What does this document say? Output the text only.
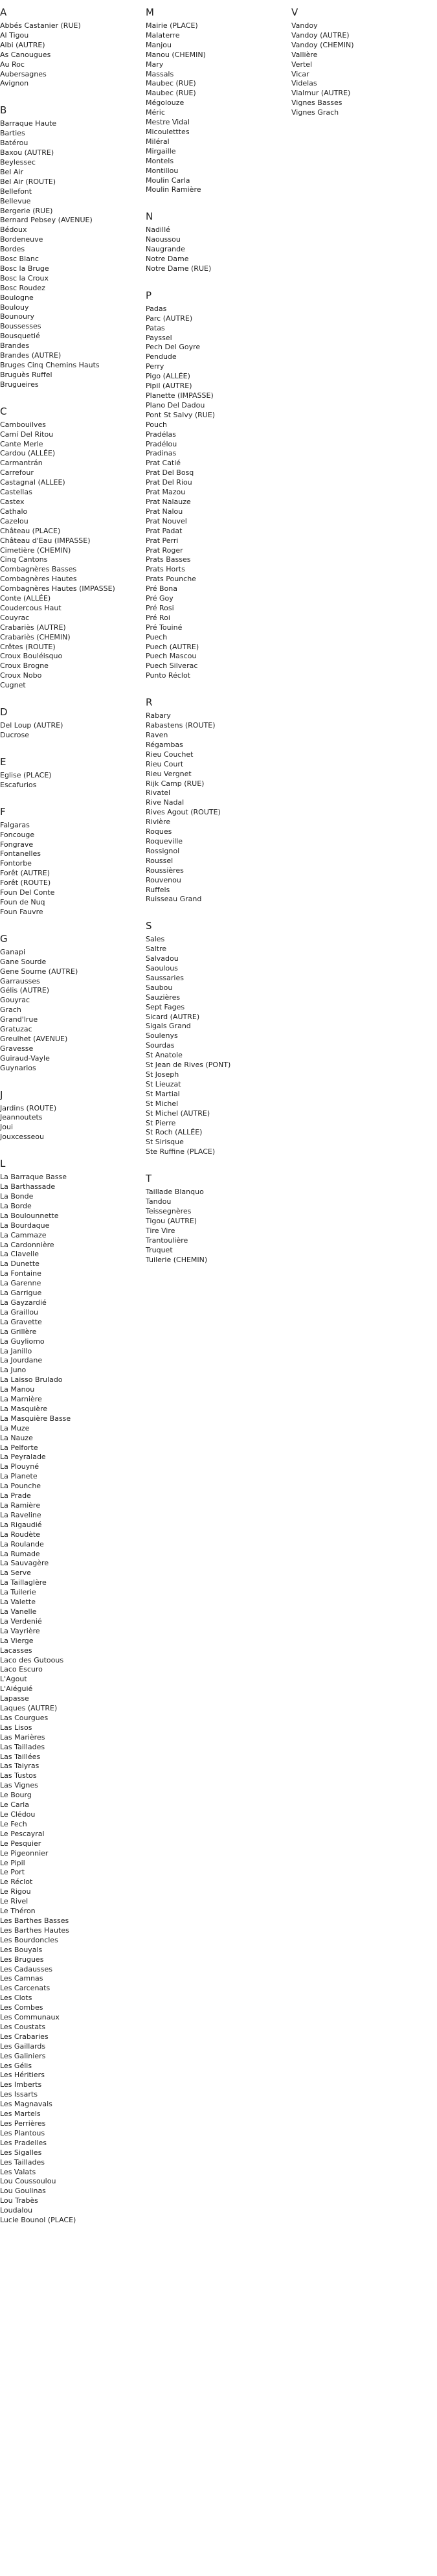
A
Abbés Castanier (RUE)
Al Tigou
Albi (AUTRE)
As Canougues
Au Roc
Aubersagnes
Avignon
B
Barraque Haute
Barties
Batérou
Baxou (AUTRE)
Beylessec
Bel Air
Bel Air (ROUTE)
Bellefont
Bellevue
Bergerie (RUE)
Bernard Pebsey (AVENUE)
Bédoux
Bordeneuve
Bordes
Bosc Blanc
Bosc la Bruge
Bosc la Croux
Bosc Roudez
Boulogne
Boulouy
Bounoury
Boussesses
Bousquetié
Brandes
Brandes (AUTRE)
Bruges Cinq Chemins Hauts
Bruguès Ruffel
Brugueires
C
Cambouilves
Camí Del Ritou
Cante Merle
Cardou (ALLÉE)
Carmantrán
Carrefour
Castagnal (ALLEE)
Castellas
Castex
Cathalo
Cazelou
Château (PLACE)
Château d'Eau (IMPASSE)
Cimetière (CHEMIN)
Cinq Cantons
Combagnères Basses
Combagnères Hautes
Combagnères Hautes (IMPASSE)
Conte (ALLÉE)
Coudercous Haut
Couyrac
Crabariès (AUTRE)
Crabariès (CHEMIN)
Crêtes (ROUTE)
Croux Bouléisquo
Croux Brogne
Croux Nobo
Cugnet
D
Del Loup (AUTRE)
Ducrose
E
Eglise (PLACE)
Escafurios
F
Falgaras
Foncouge
Fongrave
Fontanelles
Fontorbe
Forêt (AUTRE)
Forêt (ROUTE)
Foun Del Conte
Foun de Nuq
Foun Fauvre
G
Ganapi
Gane Sourde
Gene Sourne (AUTRE)
Garrausses
Gélis (AUTRE)
Gouyrac
Grach
Grand'lrue
Gratuzac
Greulhet (AVENUE)
Gravesse
Guiraud-Vayle
Guynarios
J
Jardins (ROUTE)
Jeannoutets
Joui
Jouxcesseou
L
La Barraque Basse
La Barthassade
La Bonde
La Borde
La Boulounnette
La Bourdaque
La Cammaze
La Cardonnière
La Clavelle
La Dunette
La Fontaine
La Garenne
La Garrigue
La Gayzardié
La Graillou
La Gravette
La Grillère
La Guyliomo
La Janillo
La Jourdane
La Juno
La Laisso Brulado
La Manou
La Marnière
La Masquière
La Masquière Basse
La Muze
La Nauze
La Pelforte
La Peyralade
La Plouyné
La Planete
La Pounche
La Prade
La Ramière
La Raveline
La Rigaudié
La Roudète
La Roulande
La Rumade
La Sauvagère
La Serve
La Taillaglère
La Tuilerie
La Valette
La Vanelle
La Verdenié
La Vayrière
La Vierge
Lacasses
Laco des Gutoous
Laco Escuro
L'Agout
L'Aiéguié
Lapasse
Laques (AUTRE)
Las Courgues
Las Lisos
Las Marières
Las Taillades
Las Taillées
Las Taiyras
Las Tustos
Las Vignes
Le Bourg
Le Carla
Le Clédou
Le Fech
Le Pescayral
Le Pesquier
Le Pigeonnier
Le Pipil
Le Port
Le Réclot
Le Rigou
Le Rivel
Le Théron
Les Barthes Basses
Les Barthes Hautes
Les Bourdoncles
Les Bouyals
Les Brugues
Les Cadausses
Les Camnas
Les Carcenats
Les Clots
Les Combes
Les Communaux
Les Coustats
Les Crabaries
Les Gaillards
Les Galiniers
Les Gélis
Les Héritiers
Les Imberts
Les Issarts
Les Magnavals
Les Martels
Les Perrières
Les Plantous
Les Pradelles
Les Sigalles
Les Taillades
Les Valats
Lou Coussoulou
Lou Goulinas
Lou Trabès
Loudalou
Lucie Bounol (PLACE)
M
Mairie (PLACE)
Malaterre
Manjou
Manou (CHEMIN)
Mary
Massals
Maubec (RUE)
Maubec (RUE)
Mégolouze
Méric
Mestre Vidal
Micouletttes
Miléral
Mirgaille
Montels
Montillou
Moulin Carla
Moulin Ramière
N
Nadillé
Naoussou
Naugrande
Notre Dame
Notre Dame (RUE)
P
Padas
Parc (AUTRE)
Patas
Payssel
Pech Del Goyre
Pendude
Perry
Pigo (ALLÉE)
Pipil (AUTRE)
Planette (IMPASSE)
Plano Del Dadou
Pont St Salvy (RUE)
Pouch
Pradélas
Pradélou
Pradinas
Prat Catié
Prat Del Bosq
Prat Del Riou
Prat Mazou
Prat Nalauze
Prat Nalou
Prat Nouvel
Prat Padat
Prat Perri
Prat Roger
Prats Basses
Prats Horts
Prats Pounche
Pré Bona
Pré Goy
Pré Rosi
Pré Roi
Pré Touiné
Puech
Puech (AUTRE)
Puech Mascou
Puech Silverac
Punto Réclot
R
Rabary
Rabastens (ROUTE)
Raven
Régambas
Rieu Couchet
Rieu Court
Rieu Vergnet
Rijk Camp (RUE)
Rivatel
Rive Nadal
Rives Agout (ROUTE)
Rivière
Roques
Roqueville
Rossignol
Roussel
Roussières
Rouvenou
Ruffels
Ruisseau Grand
S
Sales
Saltre
Salvadou
Saoulous
Saussaries
Saubou
Sauzières
Sept Fages
Sicard (AUTRE)
Sigals Grand
Soulenys
Sourdas
St Anatole
St Jean de Rives (PONT)
St Joseph
St Lieuzat
St Martial
St Michel
St Michel (AUTRE)
St Pierre
St Roch (ALLÉE)
St Sirisque
Ste Ruffine (PLACE)
T
Taillade Blanquo
Tandou
Teissegnères
Tigou (AUTRE)
Tire Vire
Trantoulière
Truquet
Tuilerie (CHEMIN)
V
Vandoy
Vandoy (AUTRE)
Vandoy (CHEMIN)
Vallière
Vertel
Vicar
Videlas
Vialmur (AUTRE)
Vignes Basses
Vignes Grach
